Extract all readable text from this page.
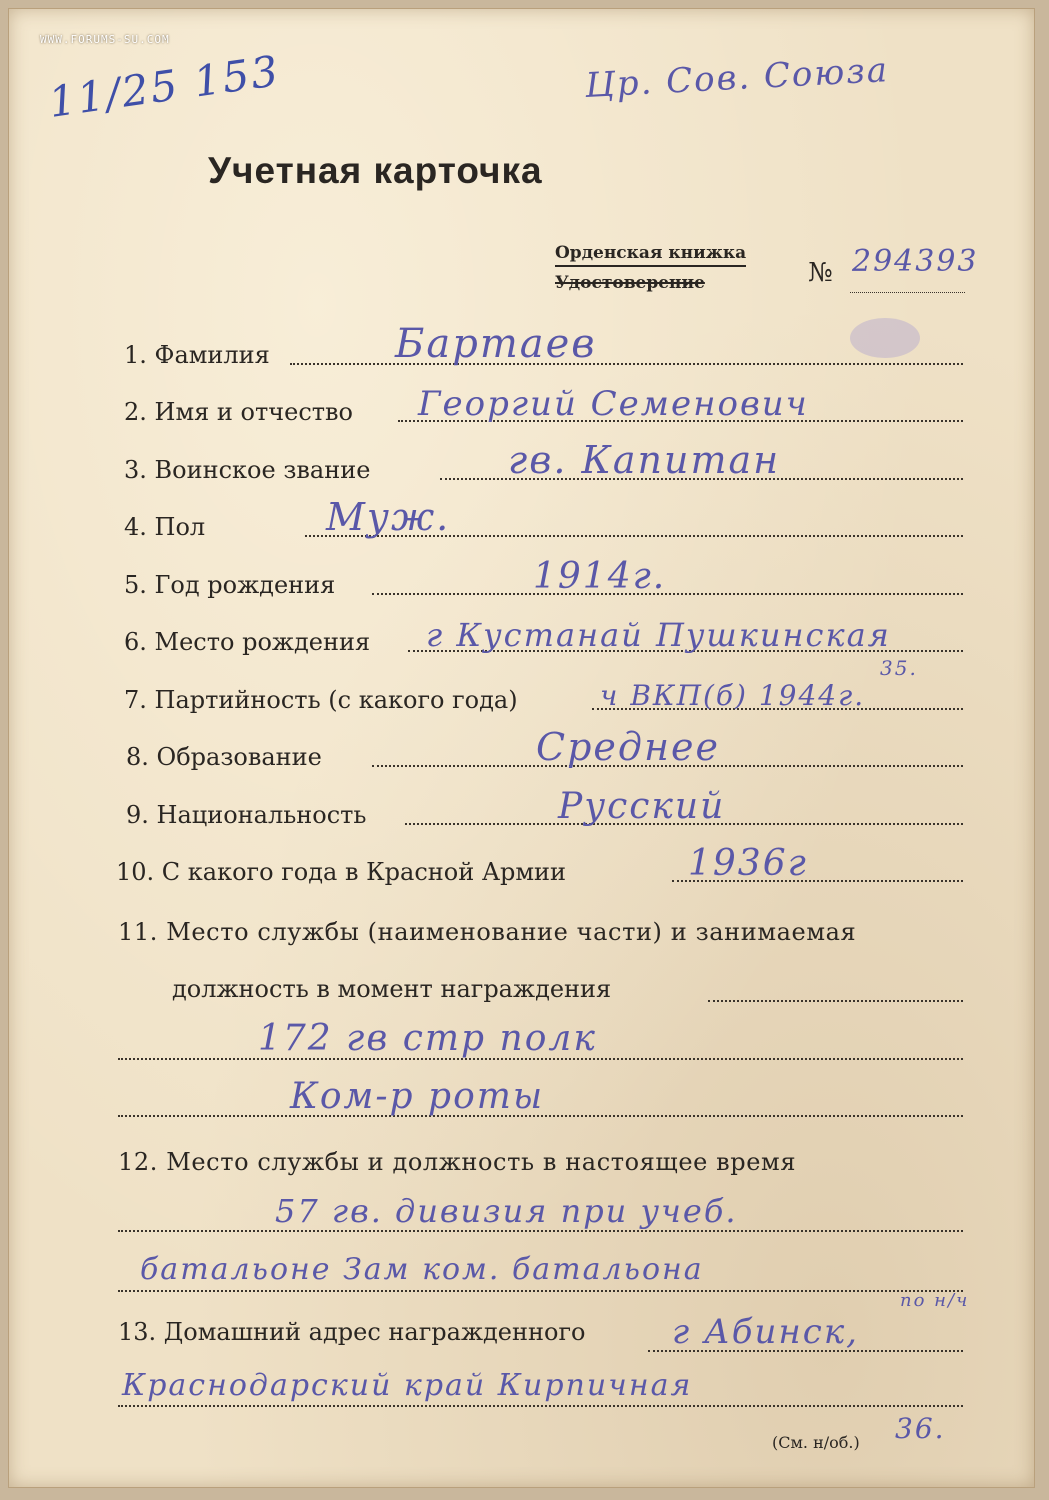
WWW.FORUMS-SU.COM
11/25 153	Цр. Сов. Союза
Учетная карточка
Орденская книжка
Удостоверение	№ 294393
1. Фамилия	Бартаев
2. Имя и отчество Георгий Семенович
3. Воинское звание	гв. Капитан
4. Пол	Муж.
5. Год рождения	1914г.
6. Место рождения г Кустанай Пушкинская
7. Партийность (с какого года)	ч ВКП(б) 1944г.
35.
8. Образование	Среднее
9. Национальность	Русский
10. С какого года в Красной Армии	1936г
11. Место службы (наименование части) и занимаемая
должность в момент награждения
172 гв стр полк
Ком-р роты
12. Место службы и должность в настоящее время
57 гв. дивизия при учеб.
батальоне Зам ком. батальона
по н/ч
13. Домашний адрес награжденного	г Абинск,
Краснодарский край Кирпичная
36.
(См. н/об.)
